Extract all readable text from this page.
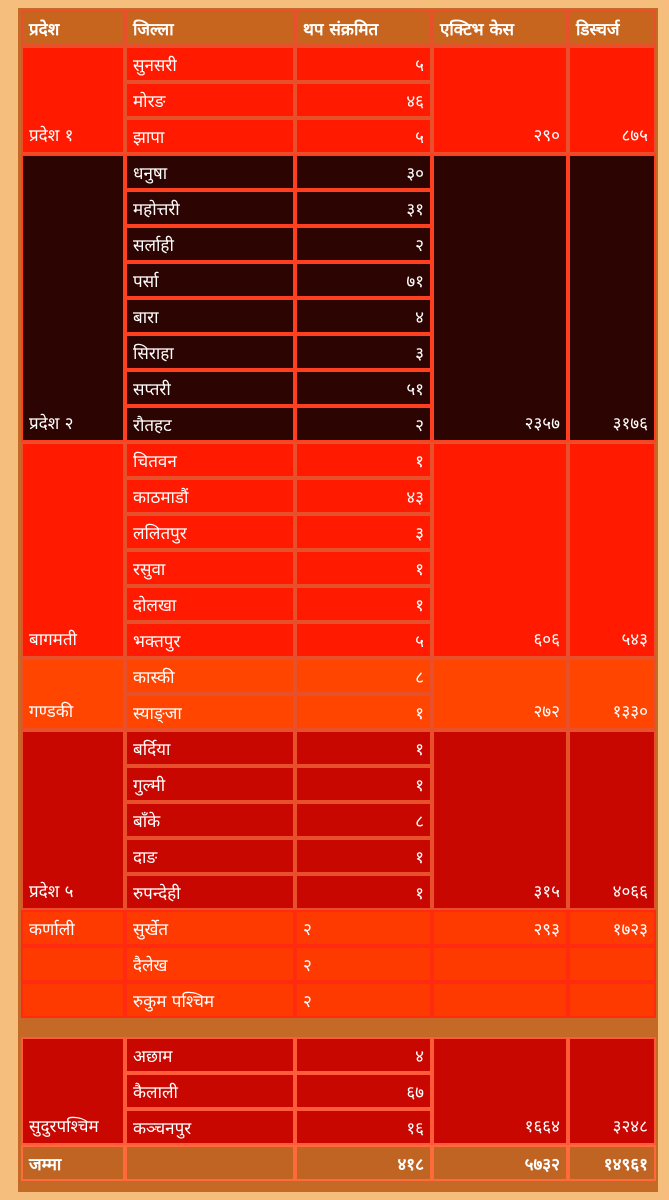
प्रदेश	जिल्ला	थप संक्रमित	एक्टिभ केस	डिस्चर्ज
प्रदेश १	सुनसरी	५	२९०	८७५
	मोरङ	४६		
	झापा	५		
प्रदेश २	धनुषा	३०	२३५७	३१७६
	महोत्तरी	३१		
	सर्लाही	२		
	पर्सा	७१		
	बारा	४		
	सिराहा	३		
	सप्तरी	५१		
	रौतहट	२		
बागमती	चितवन	१	६०६	५४३
	काठमाडौं	४३		
	ललितपुर	३		
	रसुवा	१		
	दोलखा	१		
	भक्तपुर	५		
गण्डकी	कास्की	८	२७२	१३३०
	स्याङ्जा	१		
प्रदेश ५	बर्दिया	१	३१५	४०६६
	गुल्मी	१		
	बाँके	८		
	दाङ	१		
	रुपन्देही	१		
कर्णाली	सुर्खेत	२	२९३	१७२३
	दैलेख	२		
	रुकुम पश्चिम	२		
सुदुरपश्चिम	अछाम	४	१६६४	३२४८
	कैलाली	६७		
	कञ्चनपुर	१६		
जम्मा		४१८	५७३२	१४९६१
